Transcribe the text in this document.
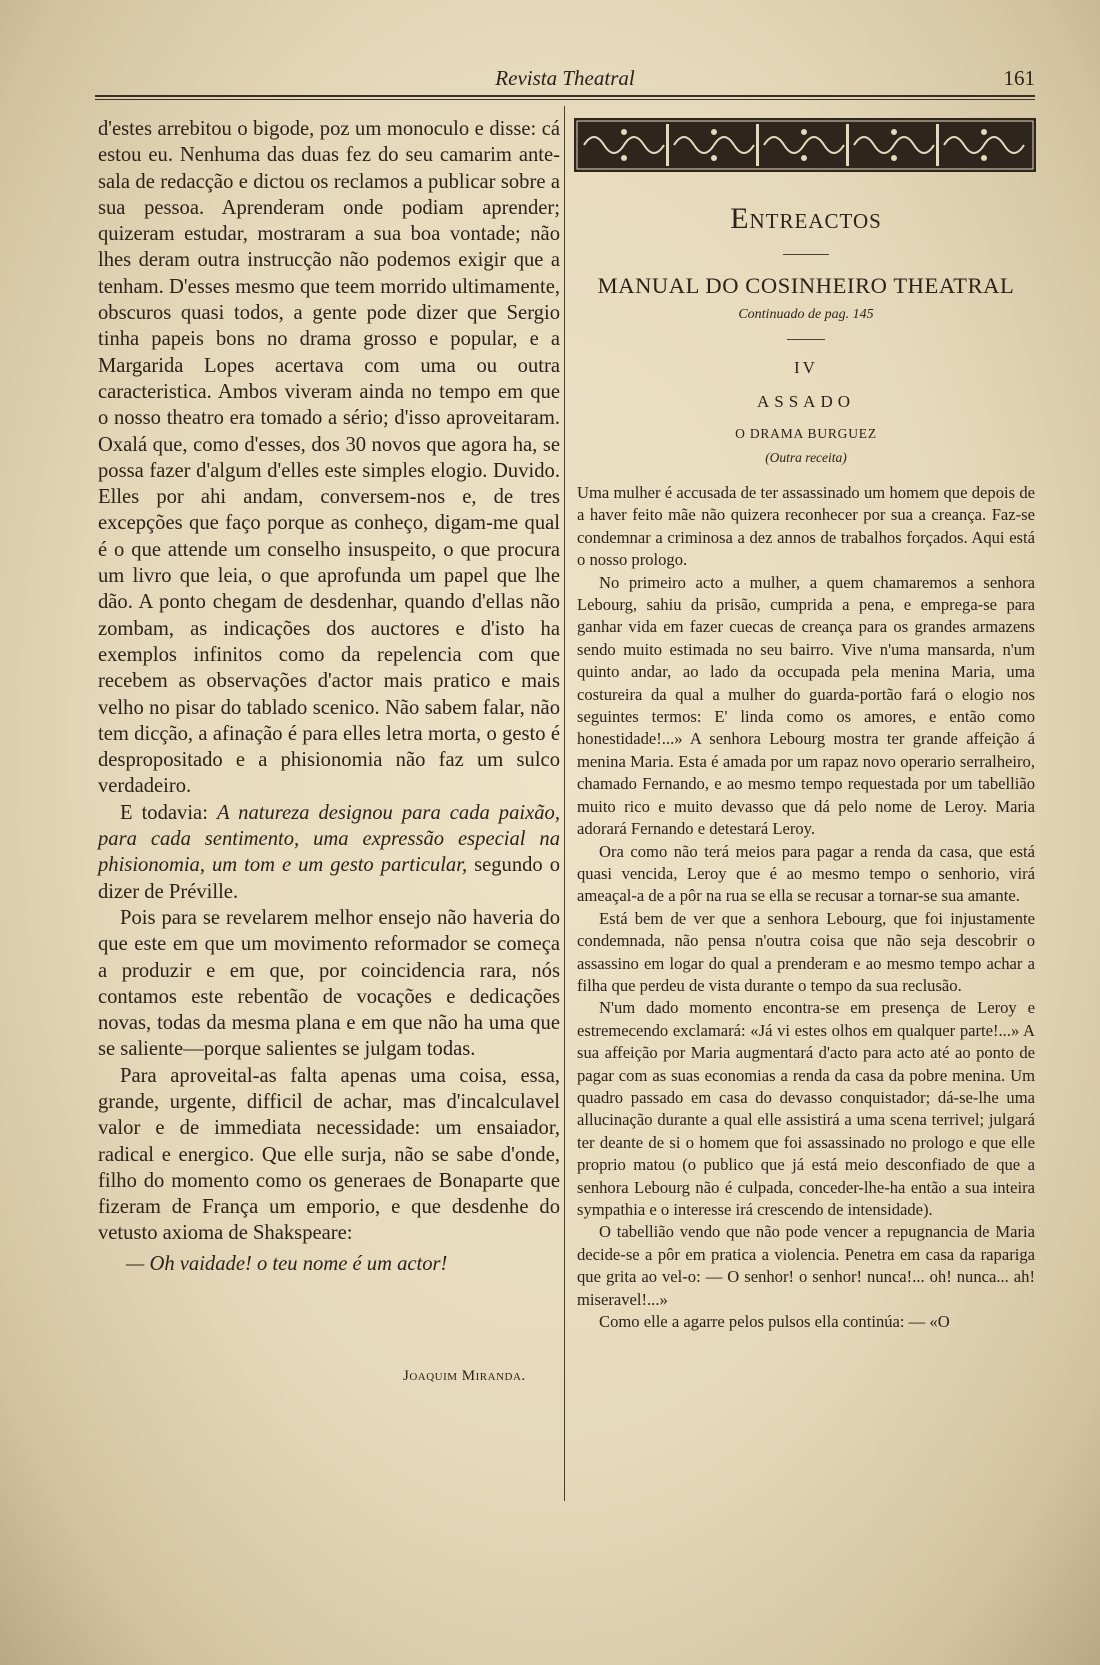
Revista Theatral	161

d'estes arrebitou o bigode, poz um monoculo e disse: cá estou eu. Nenhuma das duas fez do seu camarim ante-sala de redacção e dictou os reclamos a publicar sobre a sua pessoa. Aprenderam onde podiam aprender; quizeram estudar, mostraram a sua boa vontade; não lhes deram outra instrucção não podemos exigir que a tenham. D'esses mesmo que teem morrido ultimamente, obscuros quasi todos, a gente pode dizer que Sergio tinha papeis bons no drama grosso e popular, e a Margarida Lopes acertava com uma ou outra caracteristica. Ambos viveram ainda no tempo em que o nosso theatro era tomado a sério; d'isso aproveitaram. Oxalá que, como d'esses, dos 30 novos que agora ha, se possa fazer d'algum d'elles este simples elogio. Duvido. Elles por ahi andam, conversem-nos e, de tres excepções que faço porque as conheço, digam-me qual é o que attende um conselho insuspeito, o que procura um livro que leia, o que aprofunda um papel que lhe dão. A ponto chegam de desdenhar, quando d'ellas não zombam, as indicações dos auctores e d'isto ha exemplos infinitos como da repelencia com que recebem as observações d'actor mais pratico e mais velho no pisar do tablado scenico. Não sabem falar, não tem dicção, a afinação é para elles letra morta, o gesto é despropositado e a phisionomia não faz um sulco verdadeiro.

E todavia: A natureza designou para cada paixão, para cada sentimento, uma expressão especial na phisionomia, um tom e um gesto particular, segundo o dizer de Préville.

Pois para se revelarem melhor ensejo não haveria do que este em que um movimento reformador se começa a produzir e em que, por coincidencia rara, nós contamos este rebentão de vocações e dedicações novas, todas da mesma plana e em que não ha uma que se saliente—porque salientes se julgam todas.

Para aproveital-as falta apenas uma coisa, essa, grande, urgente, difficil de achar, mas d'incalculavel valor e de immediata necessidade: um ensaiador, radical e energico. Que elle surja, não se sabe d'onde, filho do momento como os generaes de Bonaparte que fizeram de França um emporio, e que desdenhe do vetusto axioma de Shakspeare:

— Oh vaidade! o teu nome é um actor!

Joaquim Miranda.
Entreactos
MANUAL DO COSINHEIRO THEATRAL
Continuado de pag. 145
IV
ASSADO
O DRAMA BURGUEZ
(Outra receita)

Uma mulher é accusada de ter assassinado um homem que depois de a haver feito mãe não quizera reconhecer por sua a creança. Faz-se condemnar a criminosa a dez annos de trabalhos forçados. Aqui está o nosso prologo.

No primeiro acto a mulher, a quem chamaremos a senhora Lebourg, sahiu da prisão, cumprida a pena, e emprega-se para ganhar vida em fazer cuecas de creança para os grandes armazens sendo muito estimada no seu bairro. Vive n'uma mansarda, n'um quinto andar, ao lado da occupada pela menina Maria, uma costureira da qual a mulher do guarda-portão fará o elogio nos seguintes termos: E' linda como os amores, e então como honestidade!...» A senhora Lebourg mostra ter grande affeição á menina Maria. Esta é amada por um rapaz novo operario serralheiro, chamado Fernando, e ao mesmo tempo requestada por um tabellião muito rico e muito devasso que dá pelo nome de Leroy. Maria adorará Fernando e detestará Leroy.

Ora como não terá meios para pagar a renda da casa, que está quasi vencida, Leroy que é ao mesmo tempo o senhorio, virá ameaçal-a de a pôr na rua se ella se recusar a tornar-se sua amante.

Está bem de ver que a senhora Lebourg, que foi injustamente condemnada, não pensa n'outra coisa que não seja descobrir o assassino em logar do qual a prenderam e ao mesmo tempo achar a filha que perdeu de vista durante o tempo da sua reclusão.

N'um dado momento encontra-se em presença de Leroy e estremecendo exclamará: «Já vi estes olhos em qualquer parte!...» A sua affeição por Maria augmentará d'acto para acto até ao ponto de pagar com as suas economias a renda da casa da pobre menina. Um quadro passado em casa do devasso conquistador; dá-se-lhe uma allucinação durante a qual elle assistirá a uma scena terrivel; julgará ter deante de si o homem que foi assassinado no prologo e que elle proprio matou (o publico que já está meio desconfiado de que a senhora Lebourg não é culpada, conceder-lhe-ha então a sua inteira sympathia e o interesse irá crescendo de intensidade).

O tabellião vendo que não pode vencer a repugnancia de Maria decide-se a pôr em pratica a violencia. Penetra em casa da rapariga que grita ao vel-o: — O senhor! o senhor! nunca!... oh! nunca... ah! miseravel!...»

Como elle a agarre pelos pulsos ella continúa: — «O
